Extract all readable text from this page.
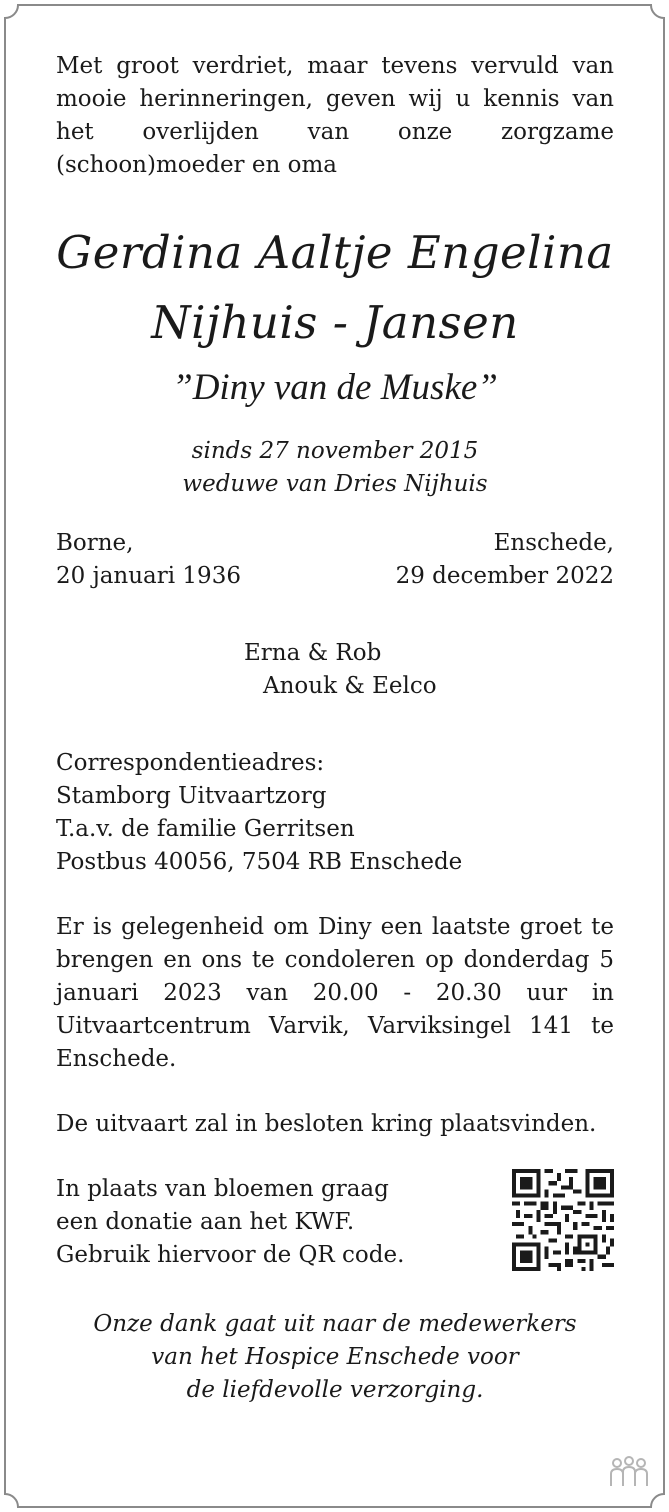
Met groot verdriet, maar tevens vervuld van mooie herinneringen, geven wij u kennis van het overlijden van onze zorgzame (schoon)moeder en oma

Gerdina Aaltje Engelina

Nijhuis - Jansen

”Diny van de Muske”

sinds 27 november 2015

weduwe van Dries Nijhuis

Borne,
20 januari 1936
Enschede,
29 december 2022
Erna & Rob
Anouk & Eelco
Correspondentieadres:
Stamborg Uitvaartzorg
T.a.v. de familie Gerritsen
Postbus 40056, 7504 RB Enschede

Er is gelegenheid om Diny een laatste groet te brengen en ons te condoleren op donderdag 5 januari 2023 van 20.00 - 20.30 uur in Uitvaartcentrum Varvik, Varviksingel 141 te Enschede.

De uitvaart zal in besloten kring plaatsvinden.

In plaats van bloemen graag
een donatie aan het KWF.
Gebruik hiervoor de QR code.

Onze dank gaat uit naar de medewerkers

van het Hospice Enschede voor

de liefdevolle verzorging.
